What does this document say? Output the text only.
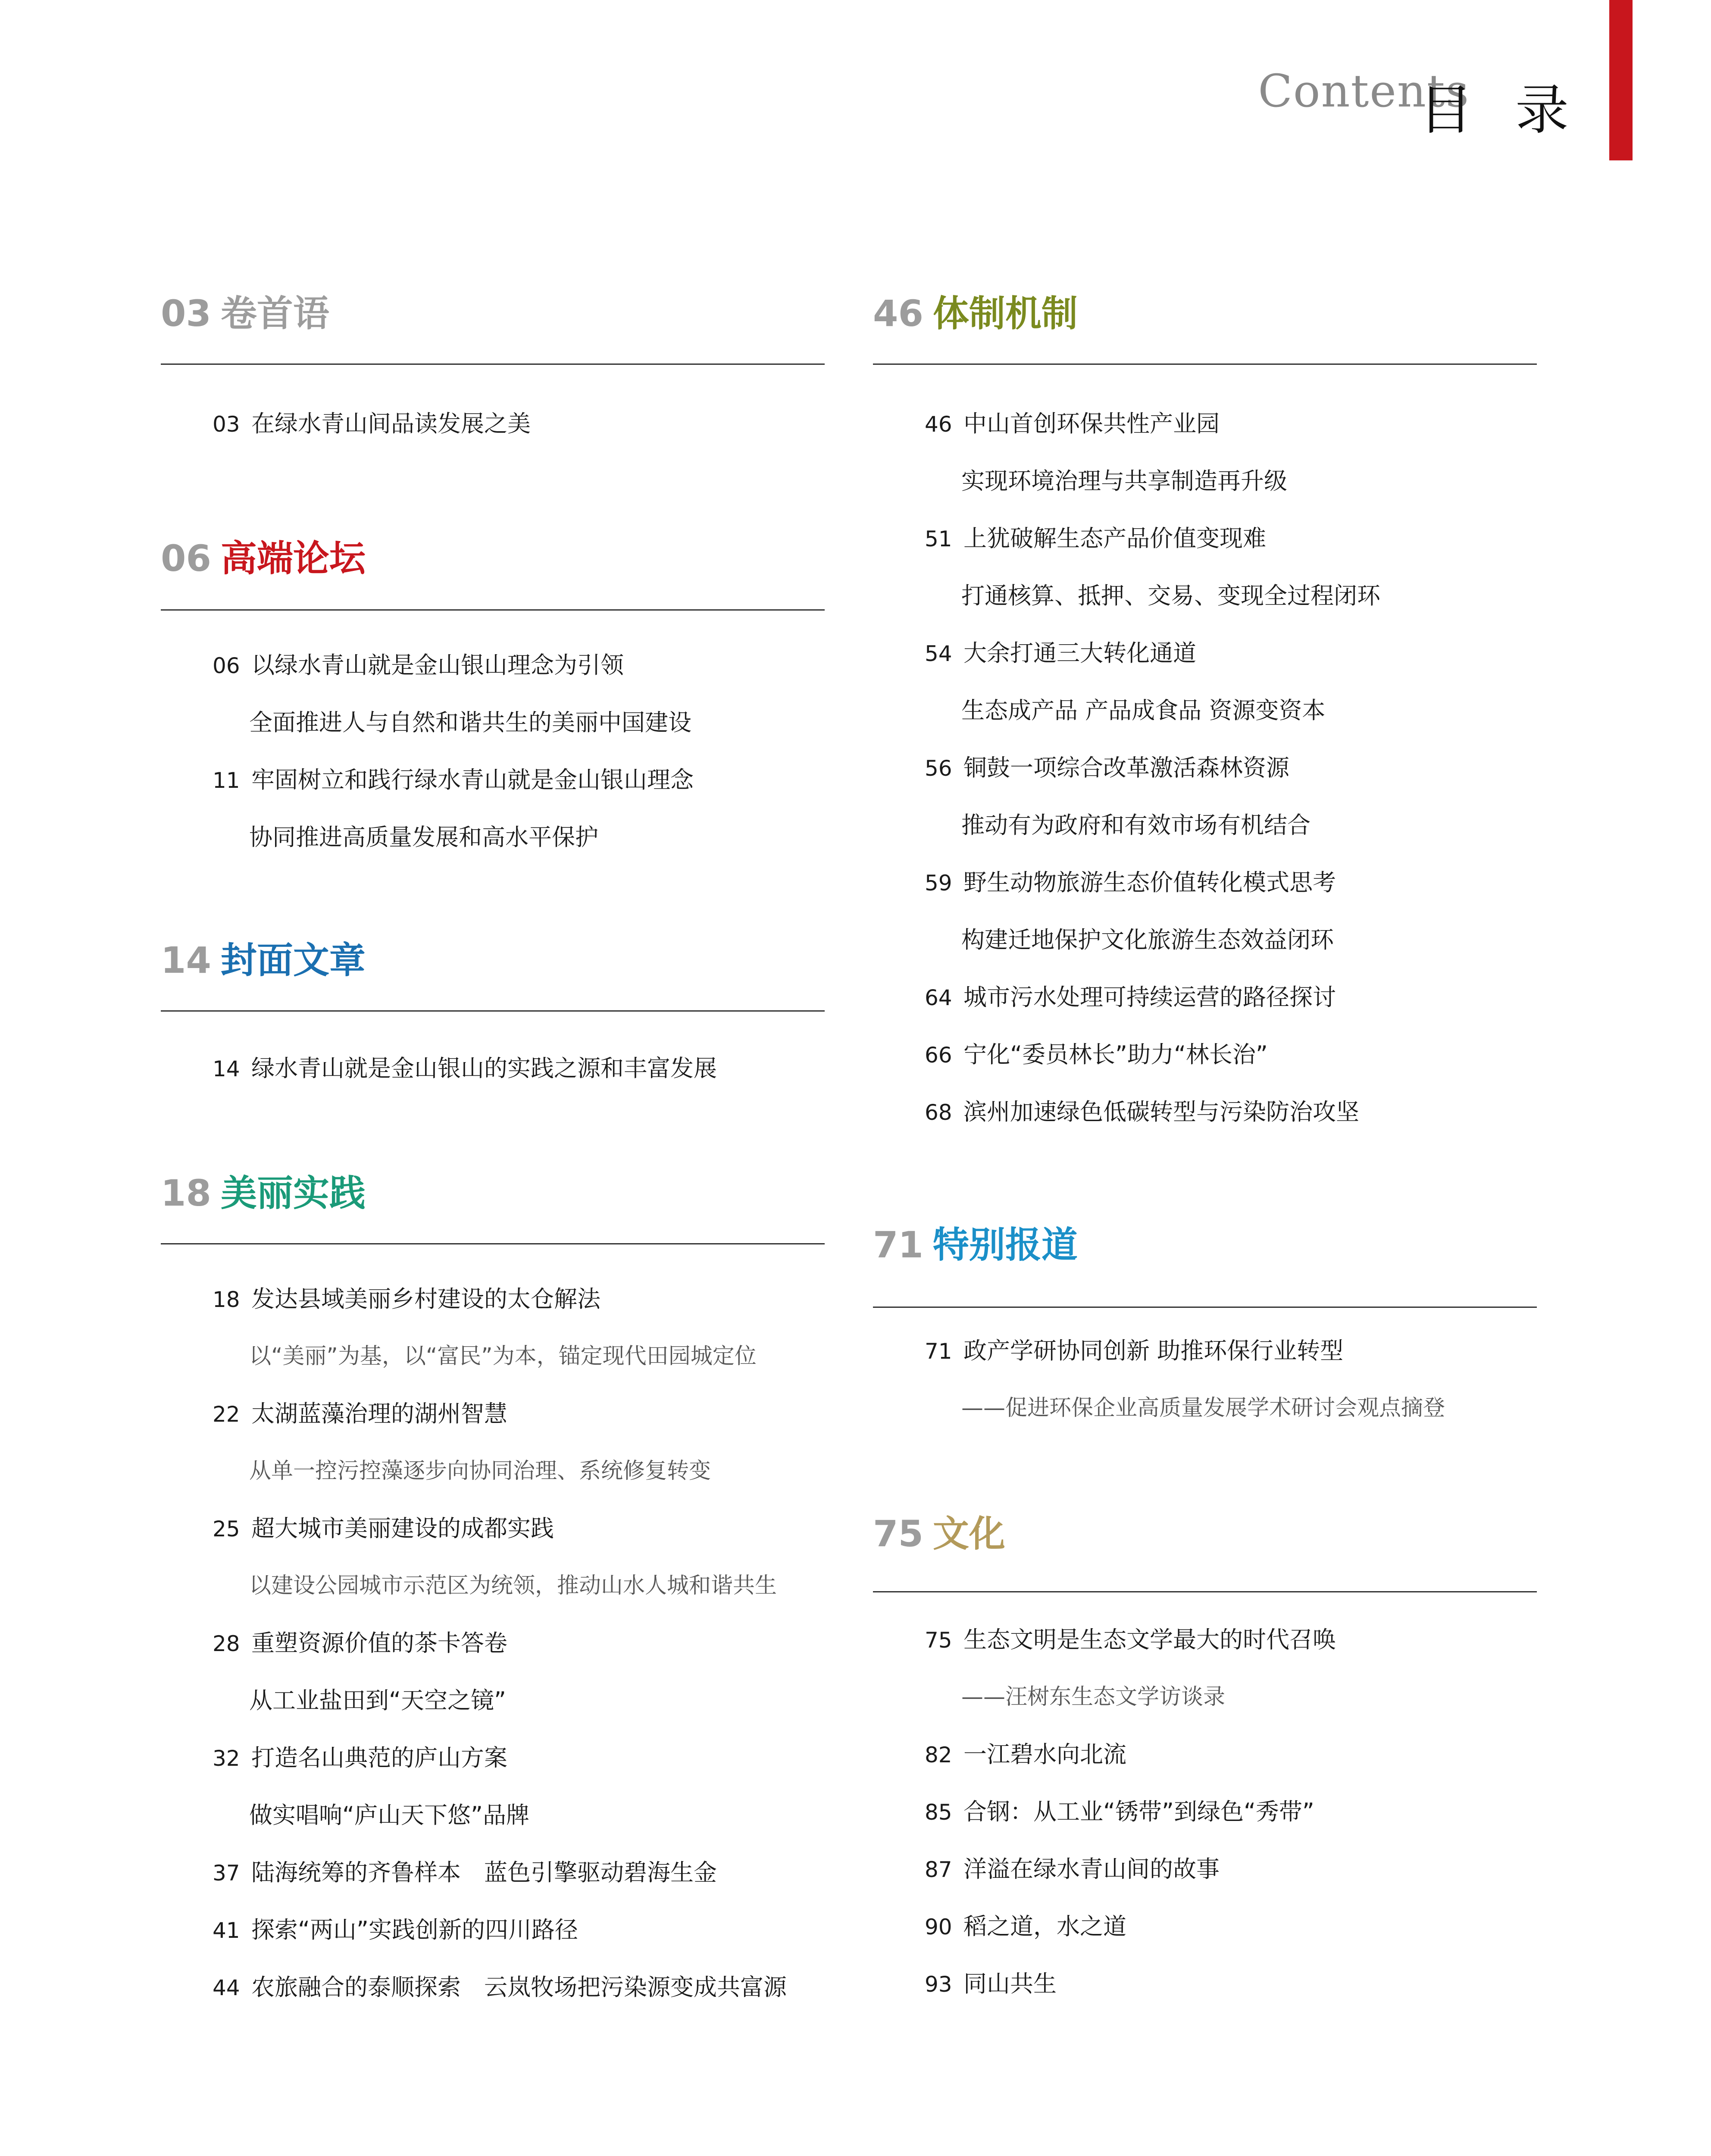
Contents
目 录
03 卷首语
03 在绿水青山间品读发展之美
06 高端论坛
06 以绿水青山就是金山银山理念为引领
全面推进人与自然和谐共生的美丽中国建设
11 牢固树立和践行绿水青山就是金山银山理念
协同推进高质量发展和高水平保护
14 封面文章
14 绿水青山就是金山银山的实践之源和丰富发展
18 美丽实践
18 发达县域美丽乡村建设的太仓解法
以“美丽”为基，以“富民”为本，锚定现代田园城定位
22 太湖蓝藻治理的湖州智慧
从单一控污控藻逐步向协同治理、系统修复转变
25 超大城市美丽建设的成都实践
以建设公园城市示范区为统领，推动山水人城和谐共生
28 重塑资源价值的茶卡答卷
从工业盐田到“天空之镜”
32 打造名山典范的庐山方案
做实唱响“庐山天下悠”品牌
37 陆海统筹的齐鲁样本　蓝色引擎驱动碧海生金
41 探索“两山”实践创新的四川路径
44 农旅融合的泰顺探索　云岚牧场把污染源变成共富源
46 体制机制
46 中山首创环保共性产业园
实现环境治理与共享制造再升级
51 上犹破解生态产品价值变现难
打通核算、抵押、交易、变现全过程闭环
54 大余打通三大转化通道
生态成产品 产品成食品 资源变资本
56 铜鼓一项综合改革激活森林资源
推动有为政府和有效市场有机结合
59 野生动物旅游生态价值转化模式思考
构建迁地保护文化旅游生态效益闭环
64 城市污水处理可持续运营的路径探讨
66 宁化“委员林长”助力“林长治”
68 滨州加速绿色低碳转型与污染防治攻坚
71 特别报道
71 政产学研协同创新 助推环保行业转型
——促进环保企业高质量发展学术研讨会观点摘登
75 文化
75 生态文明是生态文学最大的时代召唤
——汪树东生态文学访谈录
82 一江碧水向北流
85 合钢：从工业“锈带”到绿色“秀带”
87 洋溢在绿水青山间的故事
90 稻之道，水之道
93 同山共生
